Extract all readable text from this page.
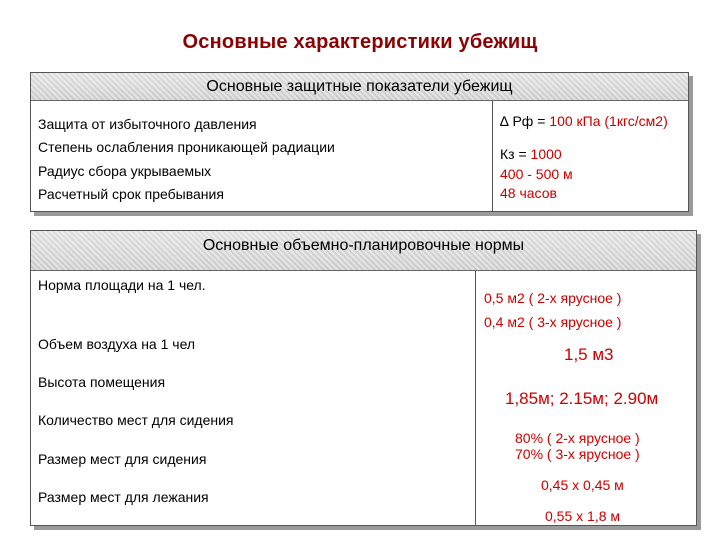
Основные характеристики убежищ
Основные защитные показатели убежищ
Защита от избыточного давления
Степень ослабления проникающей радиации
Радиус сбора укрываемых
Расчетный срок пребывания
∆ Рф = 100 кПа (1кгс/см2)
Кз = 1000
400 - 500 м
48 часов
Основные объемно-планировочные нормы
Норма площади на 1 чел.
Объем воздуха на 1 чел
Высота помещения
Количество мест для сидения
Размер мест для сидения
Размер мест для лежания
0,5 м2 ( 2-х ярусное )
0,4 м2 ( 3-х ярусное )
1,5 м3
1,85м; 2.15м; 2.90м
80% ( 2-х ярусное )
70% ( 3-х ярусное )
0,45 х 0,45 м
0,55 х 1,8 м
